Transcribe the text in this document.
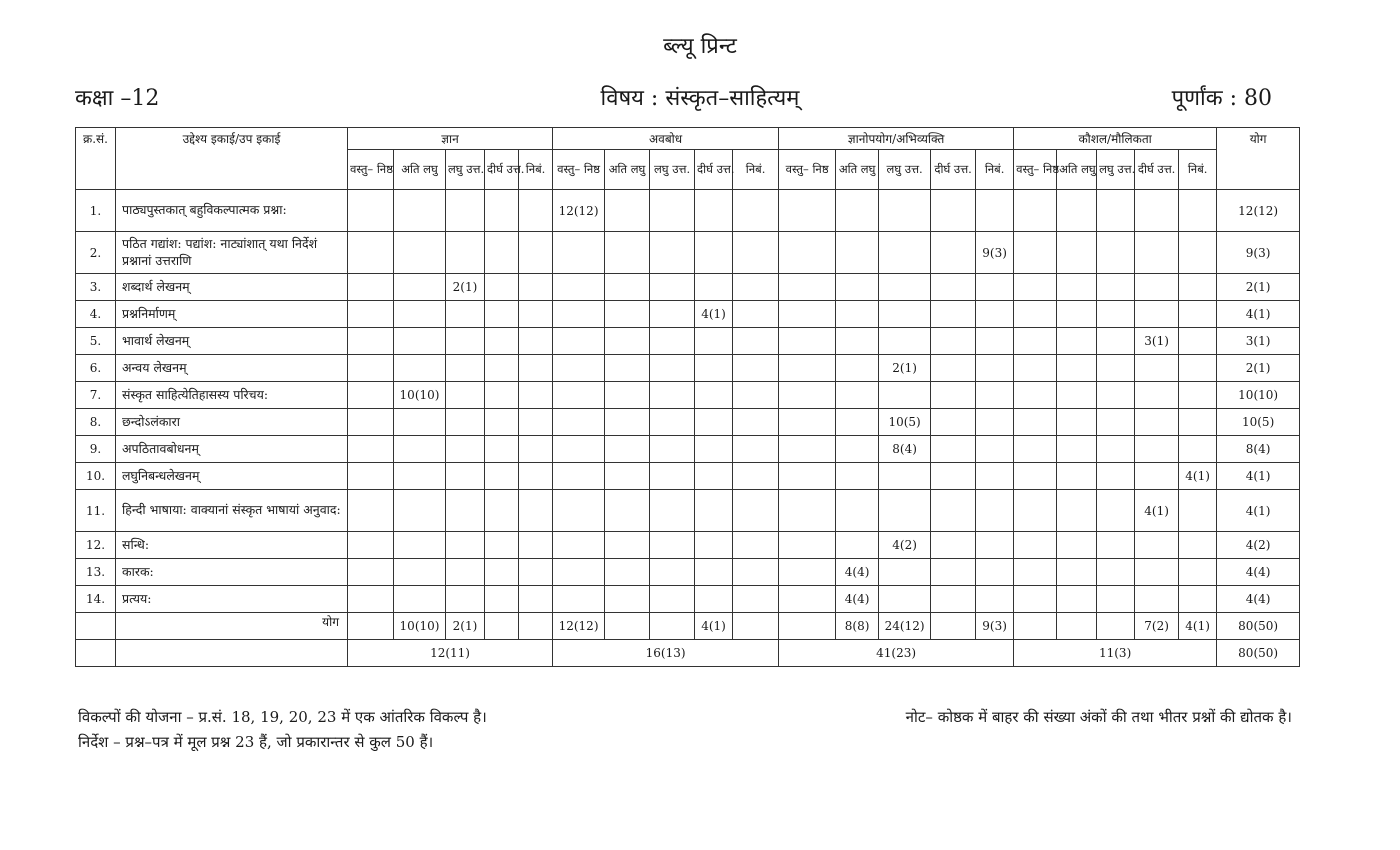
ब्ल्यू प्रिन्ट
कक्षा –12	विषय : संस्कृत–साहित्यम्	पूर्णांक : 80
क्र.सं.	उद्देश्य इकाई/उप इकाई	ज्ञान					अवबोध					ज्ञानोपयोग/अभिव्यक्ति					कौशल/मौलिकता					योग
		वस्तु– निष्ठ	अति लघु	लघु उत्त.	दीर्घ उत्त.	निबं.	वस्तु– निष्ठ	अति लघु	लघु उत्त.	दीर्घ उत्त.	निबं.	वस्तु– निष्ठ	अति लघु	लघु उत्त.	दीर्घ उत्त.	निबं.	वस्तु– निष्ठ	अति लघु	लघु उत्त.	दीर्घ उत्त.	निबं.	
1.	पाठ्यपुस्तकात् बहुविकल्पात्मक प्रश्ना:						12(12)															12(12)
2.	पठित गद्यांश: पद्यांश: नाट्यांशात् यथा निर्देशं प्रश्नानां उत्तराणि															9(3)						9(3)
3.	शब्दार्थ लेखनम्			2(1)																		2(1)
4.	प्रश्ननिर्माणम्									4(1)												4(1)
5.	भावार्थ लेखनम्																			3(1)		3(1)
6.	अन्वय लेखनम्													2(1)								2(1)
7.	संस्कृत साहित्येतिहासस्य परिचय:		10(10)																			10(10)
8.	छन्दोऽलंकारा													10(5)								10(5)
9.	अपठितावबोधनम्													8(4)								8(4)
10.	लघुनिबन्धलेखनम्																				4(1)	4(1)
11.	हिन्दी भाषाया: वाक्यानां संस्कृत भाषायां अनुवाद:																			4(1)		4(1)
12.	सन्धि:													4(2)								4(2)
13.	कारक:												4(4)									4(4)
14.	प्रत्यय:												4(4)									4(4)
	योग		10(10)	2(1)			12(12)			4(1)			8(8)	24(12)		9(3)				7(2)	4(1)	80(50)
		12(11)					16(13)					41(23)					11(3)					80(50)
विकल्पों की योजना – प्र.सं. 18, 19, 20, 23 में एक आंतरिक विकल्प है।
निर्देश – प्रश्न–पत्र में मूल प्रश्न 23 हैं, जो प्रकारान्तर से कुल 50 हैं।
नोट– कोष्ठक में बाहर की संख्या अंकों की तथा भीतर प्रश्नों की द्योतक है।
